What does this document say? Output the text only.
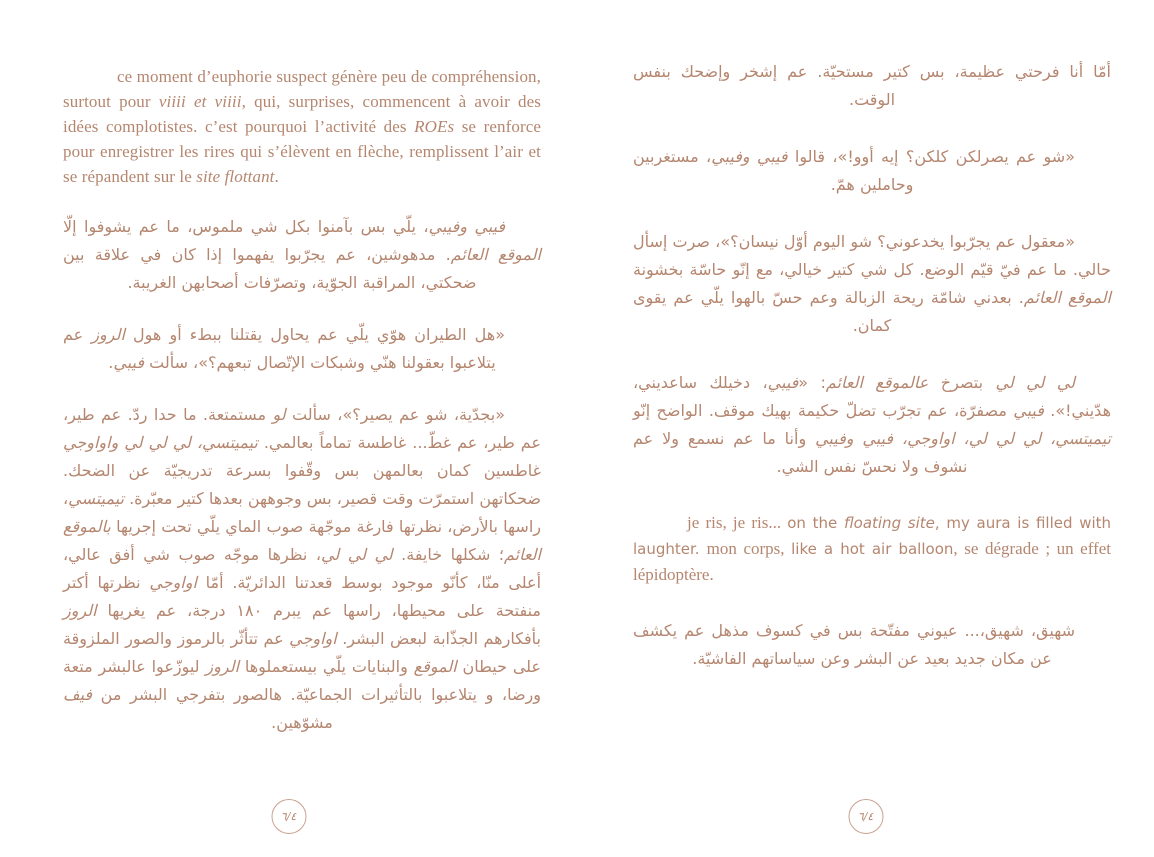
ce moment d’euphorie suspect génère peu de compréhension, surtout pour viiii et viiii, qui, surprises, commencent à avoir des idées complotistes. c’est pourquoi l’activité des ROEs se renforce pour enregistrer les rires qui s’élèvent en flèche, remplissent l’air et se répandent sur le site flottant.

فيبي وفيبي، يلّي بس بآمنوا بكل شي ملموس، ما عم يشوفوا إلّا الموقع العائم. مدهوشين، عم يجرّبوا يفهموا إذا كان في علاقة بين ضحكتي، المراقبة الجوّية، وتصرّفات أصحابهن الغريبة.

«هل الطيران هوّي يلّي عم يحاول يقتلنا ببطء أو هول الروز عم يتلاعبوا بعقولنا هنّي وشبكات الإتّصال تبعهم؟»، سألت فيبي.

«بجدّية، شو عم يصير؟»، سألت لو مستمتعة. ما حدا ردّ. عم طير، عم طير، عم غطّ... غاطسة تماماً بعالمي. تيميتسي، لي لي لي واواوجي غاطسين كمان بعالمهن بس وقّفوا بسرعة تدريجيّة عن الضحك. ضحكاتهن استمرّت وقت قصير، بس وجوههن بعدها كتير معبّرة. تيميتسي، راسها بالأرض، نظرتها فارغة موجّهة صوب الماي يلّي تحت إجريها بالموقع العائم؛ شكلها خايفة. لي لي لي، نظرها موجّه صوب شي أفق عالي، أعلى منّا، كأنّو موجود بوسط قعدتنا الدائريّة. أمّا اواوجي نظرتها أكتر منفتحة على محيطها، راسها عم يبرم ١٨٠ درجة، عم يغريها الروز بأفكارهم الجذّابة لبعض البشر. اواوجي عم تتأثّر بالرموز والصور الملزوقة على حيطان الموقع والبنايات يلّي بيستعملوها الروز ليوزّعوا عالبشر متعة ورضا، و يتلاعبوا بالتأثيرات الجماعيّة. هالصور بتفرجي البشر من فيف مشوّهين.

٦/٤

أمّا أنا فرحتي عظيمة، بس كتير مستحيّة. عم إشخر وإضحك بنفس الوقت.

«شو عم يصرلكن كلكن؟ إيه أوو!»، قالوا فيبي وفيبي، مستغربين وحاملين همّ.

«معقول عم يجرّبوا يخدعوني؟ شو اليوم أوّل نيسان؟»، صرت إسأل حالي. ما عم فيّ قيّم الوضع. كل شي كتير خيالي، مع إنّو حاسّة بخشونة الموقع العائم. بعدني شامّة ريحة الزبالة وعم حسّ بالهوا يلّي عم يقوى كمان.

لي لي لي بتصرخ عالموقع العائم: «فيبي، دخيلك ساعديني، هدّيني!». فيبي مصفرّة، عم تجرّب تضلّ حكيمة بهيك موقف. الواضح إنّو تيميتسي، لي لي لي، اواوجي، فيبي وفيبي وأنا ما عم نسمع ولا عم نشوف ولا نحسّ نفس الشي.

je ris, je ris... on the floating site, my aura is filled with laughter. mon corps, like a hot air balloon, se dégrade ; un effet lépidoptère.

شهيق، شهيق،... عيوني مفتّحة بس في كسوف مذهل عم يكشف عن مكان جديد بعيد عن البشر وعن سياساتهم الفاشيّة.

٦/٤
